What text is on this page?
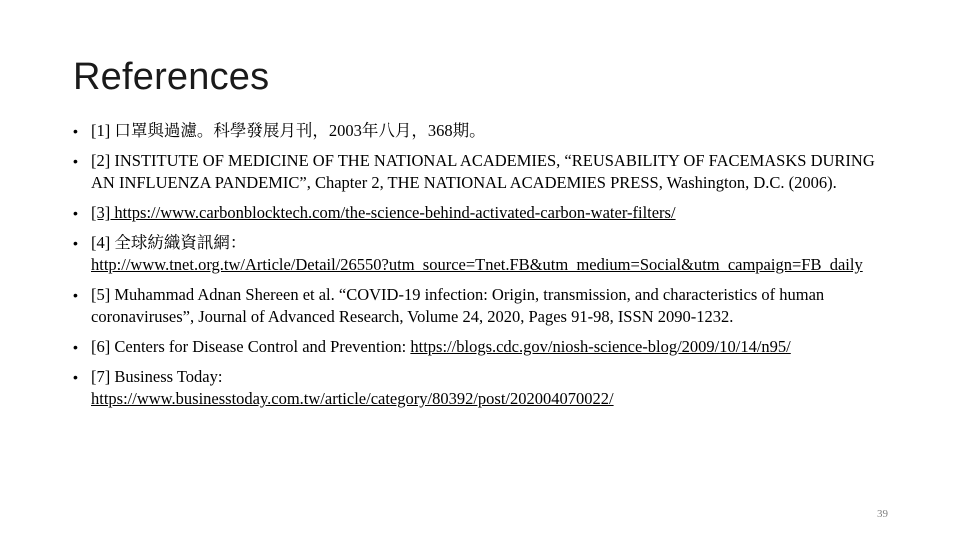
References
• [1] 口罩與過濾。科學發展月刊，2003年八月，368期。
• [2] INSTITUTE OF MEDICINE OF THE NATIONAL ACADEMIES, “REUSABILITY OF FACEMASKS DURING AN INFLUENZA PANDEMIC”, Chapter 2, THE NATIONAL ACADEMIES PRESS, Washington, D.C. (2006).
• [3] https://www.carbonblocktech.com/the-science-behind-activated-carbon-water-filters/
• [4] 全球紡織資訊網：
http://www.tnet.org.tw/Article/Detail/26550?utm_source=Tnet.FB&utm_medium=Social&utm_campaign=FB_daily
• [5] Muhammad Adnan Shereen et al. “COVID-19 infection: Origin, transmission, and characteristics of human coronaviruses”, Journal of Advanced Research, Volume 24, 2020, Pages 91-98, ISSN 2090-1232.
• [6] Centers for Disease Control and Prevention: https://blogs.cdc.gov/niosh-science-blog/2009/10/14/n95/
• [7] Business Today:
https://www.businesstoday.com.tw/article/category/80392/post/202004070022/
39
